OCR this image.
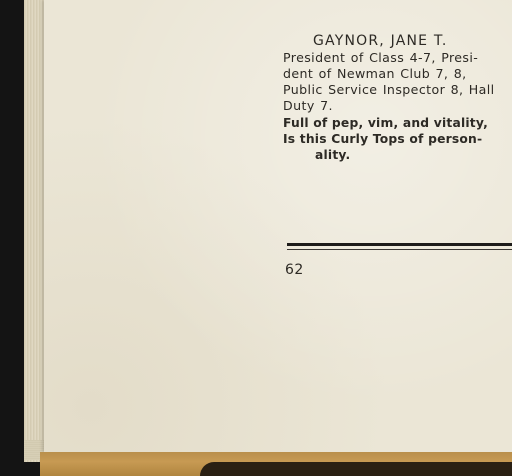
GAYNOR, JANE T.
President of Class 4-7, Presi-
dent of Newman Club 7, 8,
Public Service Inspector 8, Hall
Duty 7.
Full of pep, vim, and vitality,
Is this Curly Tops of person-
ality.
62
